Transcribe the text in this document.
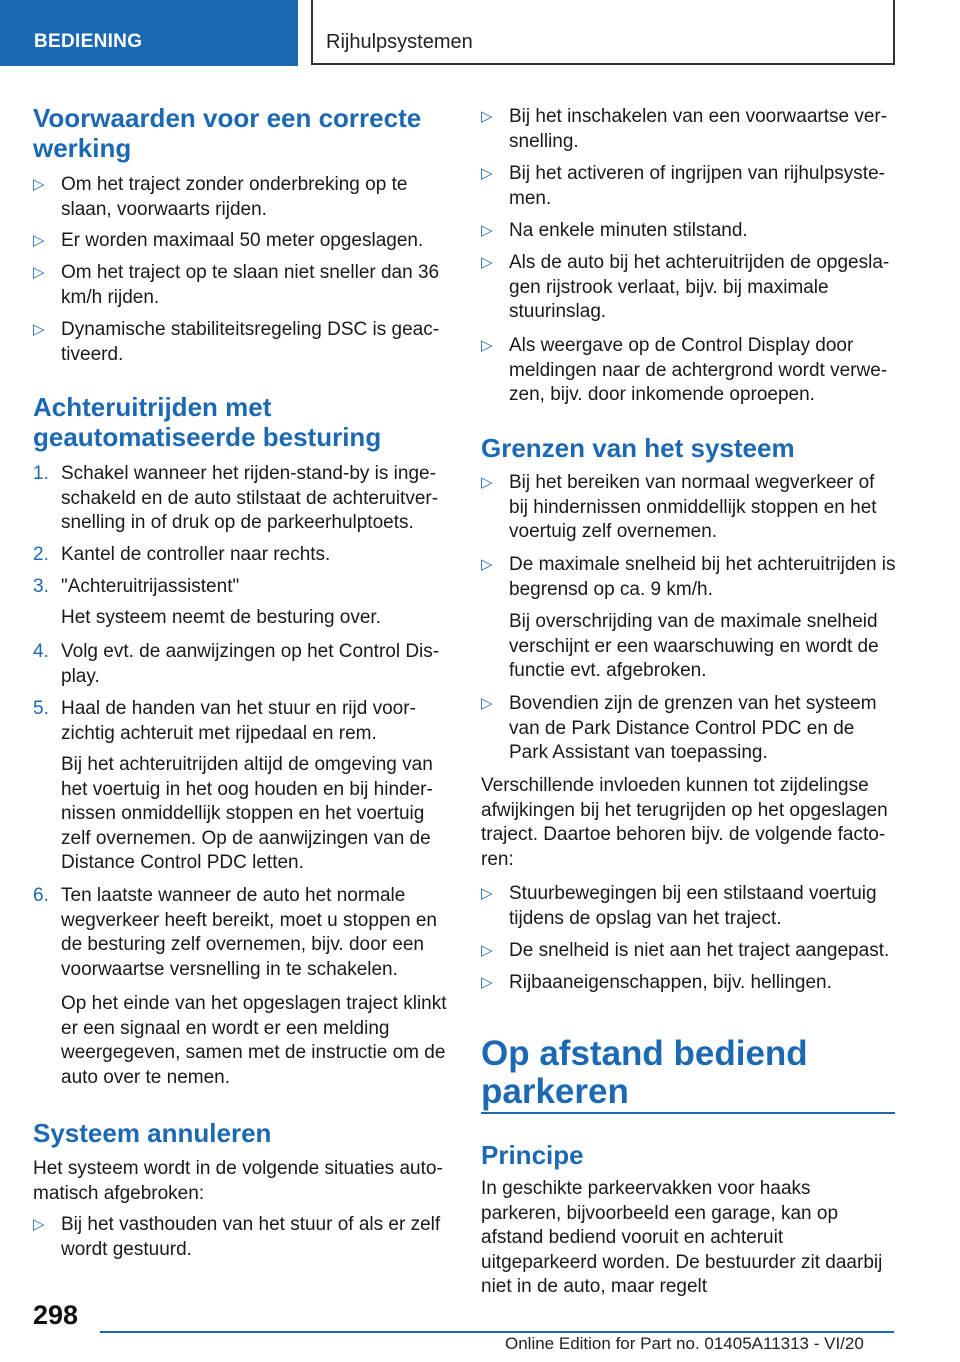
BEDIENING	Rijhulpsystemen
Voorwaarden voor een correcte werking
▷ Om het traject zonder onderbreking op te slaan, voorwaarts rijden.
▷ Er worden maximaal 50 meter opgeslagen.
▷ Om het traject op te slaan niet sneller dan 36 km/h rijden.
▷ Dynamische stabiliteitsregeling DSC is geactiveerd.
Achteruitrijden met geautomatiseerde besturing
1. Schakel wanneer het rijden-stand-by is ingeschakeld en de auto stilstaat de achteruitversnelling in of druk op de parkeerhulptoets.
2. Kantel de controller naar rechts.
3. "Achteruitrijassistent"
Het systeem neemt de besturing over.
4. Volg evt. de aanwijzingen op het Control Display.
5. Haal de handen van het stuur en rijd voorzichtig achteruit met rijpedaal en rem.
Bij het achteruitrijden altijd de omgeving van het voertuig in het oog houden en bij hindernissen onmiddellijk stoppen en het voertuig zelf overnemen. Op de aanwijzingen van de Distance Control PDC letten.
6. Ten laatste wanneer de auto het normale wegverkeer heeft bereikt, moet u stoppen en de besturing zelf overnemen, bijv. door een voorwaartse versnelling in te schakelen.
Op het einde van het opgeslagen traject klinkt er een signaal en wordt er een melding weergegeven, samen met de instructie om de auto over te nemen.
Systeem annuleren
Het systeem wordt in de volgende situaties automatisch afgebroken:
▷ Bij het vasthouden van het stuur of als er zelf wordt gestuurd.
▷ Bij het inschakelen van een voorwaartse versnelling.
▷ Bij het activeren of ingrijpen van rijhulpsystemen.
▷ Na enkele minuten stilstand.
▷ Als de auto bij het achteruitrijden de opgeslagen rijstrook verlaat, bijv. bij maximale stuurinslag.
▷ Als weergave op de Control Display door meldingen naar de achtergrond wordt verwezen, bijv. door inkomende oproepen.
Grenzen van het systeem
▷ Bij het bereiken van normaal wegverkeer of bij hindernissen onmiddellijk stoppen en het voertuig zelf overnemen.
▷ De maximale snelheid bij het achteruitrijden is begrensd op ca. 9 km/h.
Bij overschrijding van de maximale snelheid verschijnt er een waarschuwing en wordt de functie evt. afgebroken.
▷ Bovendien zijn de grenzen van het systeem van de Park Distance Control PDC en de Park Assistant van toepassing.
Verschillende invloeden kunnen tot zijdelingse afwijkingen bij het terugrijden op het opgeslagen traject. Daartoe behoren bijv. de volgende factoren:
▷ Stuurbewegingen bij een stilstaand voertuig tijdens de opslag van het traject.
▷ De snelheid is niet aan het traject aangepast.
▷ Rijbaaneigenschappen, bijv. hellingen.
Op afstand bediend parkeren
Principe
In geschikte parkeervakken voor haaks parkeren, bijvoorbeeld een garage, kan op afstand bediend vooruit en achteruit uitgeparkeerd worden. De bestuurder zit daarbij niet in de auto, maar regelt
298
Online Edition for Part no. 01405A11313 - VI/20
